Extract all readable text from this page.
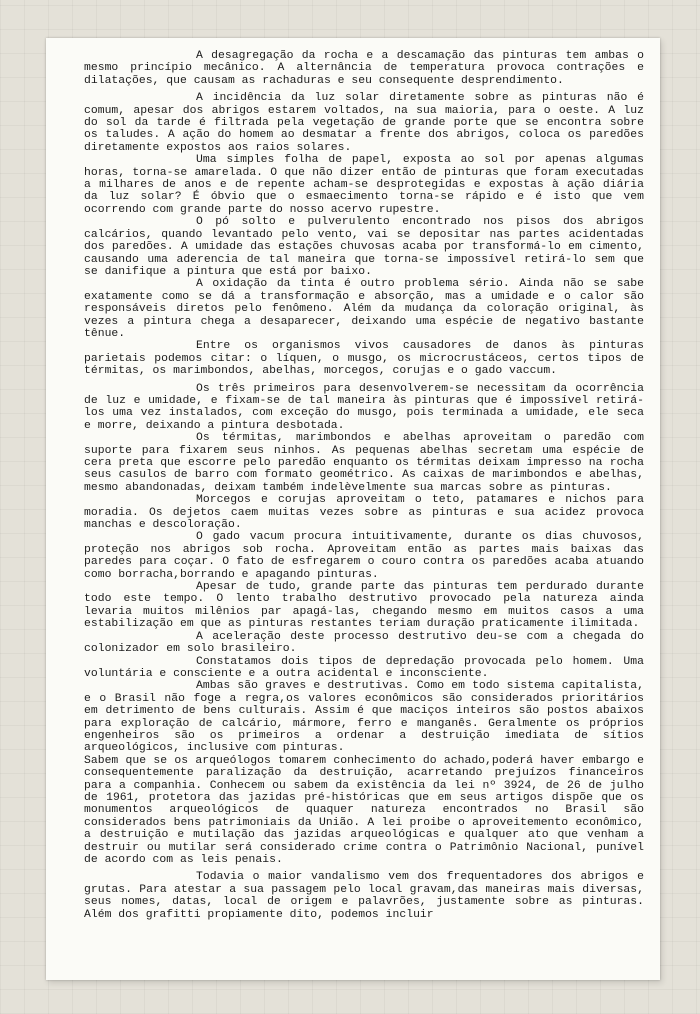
A desagregação da rocha e a descamação das pinturas tem ambas o mesmo princípio mecânico. A alternância de temperatura provoca contrações e dilatações, que causam as rachaduras e seu consequente desprendimento.

A incidência da luz solar diretamente sobre as pinturas não é comum, apesar dos abrigos estarem voltados, na sua maioria, para o oeste. A luz do sol da tarde é filtrada pela vegetação de grande porte que se encontra sobre os taludes. A ação do homem ao desmatar a frente dos abrigos, coloca os paredões diretamente expostos aos raios solares.

Uma simples folha de papel, exposta ao sol por apenas algumas horas, torna-se amarelada. O que não dizer então de pinturas que foram executadas a milhares de anos e de repente acham-se desprotegidas e expostas à ação diária da luz solar? É óbvio que o esmaecimento torna-se rápido e é isto que vem ocorrendo com grande parte do nosso acervo rupestre.

O pó solto e pulverulento encontrado nos pisos dos abrigos calcários, quando levantado pelo vento, vai se depositar nas partes acidentadas dos paredões. A umidade das estações chuvosas acaba por transformá-lo em cimento, causando uma aderencia de tal maneira que torna-se impossível retirá-lo sem que se danifique a pintura que está por baixo.

A oxidação da tinta é outro problema sério. Ainda não se sabe exatamente como se dá a transformação e absorção, mas a umidade e o calor são responsáveis diretos pelo fenômeno. Além da mudança da coloração original, às vezes a pintura chega a desaparecer, deixando uma espécie de negativo bastante tênue.

Entre os organismos vivos causadores de danos às pinturas parietais podemos citar: o líquen, o musgo, os microcrustáceos, certos tipos de térmitas, os marimbondos, abelhas, morcegos, corujas e o gado vaccum.

Os três primeiros para desenvolverem-se necessitam da ocorrência de luz e umidade, e fixam-se de tal maneira às pinturas que é impossível retirá-los uma vez instalados, com exceção do musgo, pois terminada a umidade, ele seca e morre, deixando a pintura desbotada.

Os térmitas, marimbondos e abelhas aproveitam o paredão com suporte para fixarem seus ninhos. As pequenas abelhas secretam uma espécie de cera preta que escorre pelo paredão enquanto os térmitas deixam impresso na rocha seus casulos de barro com formato geométrico. As caixas de marimbondos e abelhas, mesmo abandonadas, deixam também indelèvelmente sua marcas sobre as pinturas.

Morcegos e corujas aproveitam o teto, patamares e nichos para moradia. Os dejetos caem muitas vezes sobre as pinturas e sua acidez provoca manchas e descoloração.

O gado vacum procura intuitivamente, durante os dias chuvosos, proteção nos abrigos sob rocha. Aproveitam então as partes mais baixas das paredes para coçar. O fato de esfregarem o couro contra os paredões acaba atuando como borracha,borrando e apagando pinturas.

Apesar de tudo, grande parte das pinturas tem perdurado durante todo este tempo. O lento trabalho destrutivo provocado pela natureza ainda levaria muitos milênios par apagá-las, chegando mesmo em muitos casos a uma estabilização em que as pinturas restantes teriam duração praticamente ilimitada.

A aceleração deste processo destrutivo deu-se com a chegada do colonizador em solo brasileiro.

Constatamos dois tipos de depredação provocada pelo homem. Uma voluntária e consciente e a outra acidental e inconsciente.

Ambas são graves e destrutivas. Como em todo sistema capitalista, e o Brasil não foge a regra,os valores econômicos são considerados prioritários em detrimento de bens culturais. Assim é que maciços inteiros são postos abaixos para exploração de calcário, mármore, ferro e manganês. Geralmente os próprios engenheiros são os primeiros a ordenar a destruição imediata de sítios arqueológicos, inclusive com pinturas.

Sabem que se os arqueólogos tomarem conhecimento do achado,poderá haver embargo e consequentemente paralização da destruição, acarretando prejuízos financeiros para a companhia. Conhecem ou sabem da existência da lei nº 3924, de 26 de julho de 1961, protetora das jazidas pré-históricas que em seus artigos dispõe que os monumentos arqueológicos de quaquer natureza encontrados no Brasil são considerados bens patrimoniais da União. A lei proibe o aproveitemento econômico, a destruição e mutilação das jazidas arqueológicas e qualquer ato que venham a destruir ou mutilar será considerado crime contra o Patrimônio Nacional, punível de acordo com as leis penais.

Todavia o maior vandalismo vem dos frequentadores dos abrigos e grutas. Para atestar a sua passagem pelo local gravam,das maneiras mais diversas, seus nomes, datas, local de origem e palavrões, justamente sobre as pinturas. Além dos grafitti propiamente dito, podemos incluir
